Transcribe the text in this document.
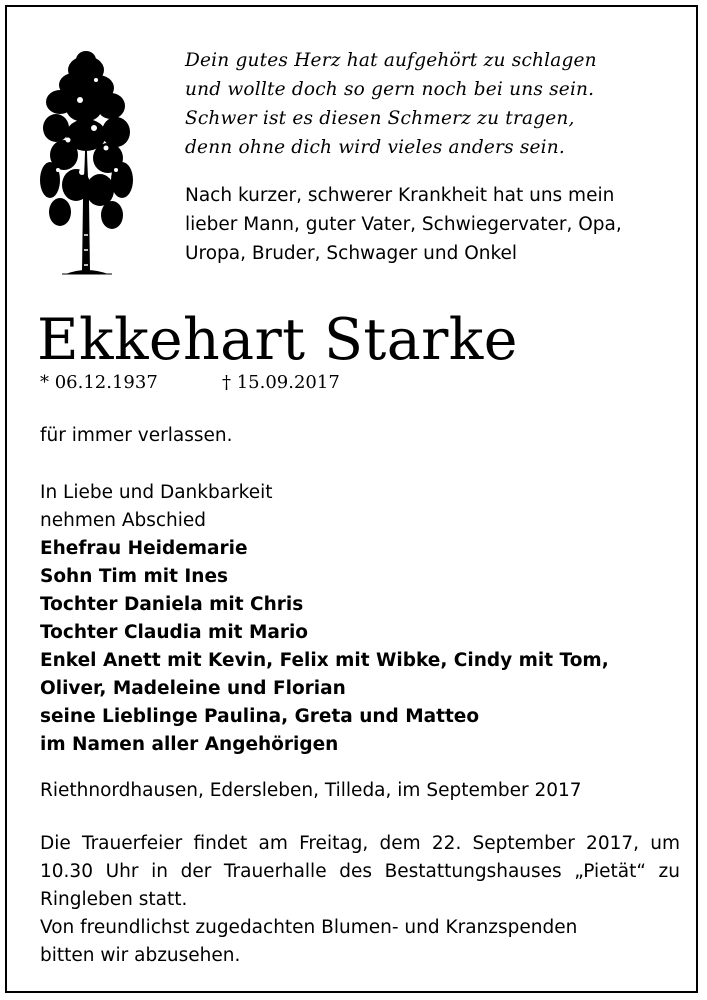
Dein gutes Herz hat aufgehört zu schlagen
und wollte doch so gern noch bei uns sein.
Schwer ist es diesen Schmerz zu tragen,
denn ohne dich wird vieles anders sein.
Nach kurzer, schwerer Krankheit hat uns mein
lieber Mann, guter Vater, Schwiegervater, Opa,
Uropa, Bruder, Schwager und Onkel
Ekkehart Starke
* 06.12.1937	† 15.09.2017
für immer verlassen.
In Liebe und Dankbarkeit
nehmen Abschied
Ehefrau Heidemarie
Sohn Tim mit Ines
Tochter Daniela mit Chris
Tochter Claudia mit Mario
Enkel Anett mit Kevin, Felix mit Wibke, Cindy mit Tom,
Oliver, Madeleine und Florian
seine Lieblinge Paulina, Greta und Matteo
im Namen aller Angehörigen
Riethnordhausen, Edersleben, Tilleda, im September 2017
Die Trauerfeier findet am Freitag, dem 22. September 2017, um 10.30 Uhr in der Trauerhalle des Bestattungshauses „Pietät“ zu Ringleben statt.
Von freundlichst zugedachten Blumen- und Kranzspenden
bitten wir abzusehen.
